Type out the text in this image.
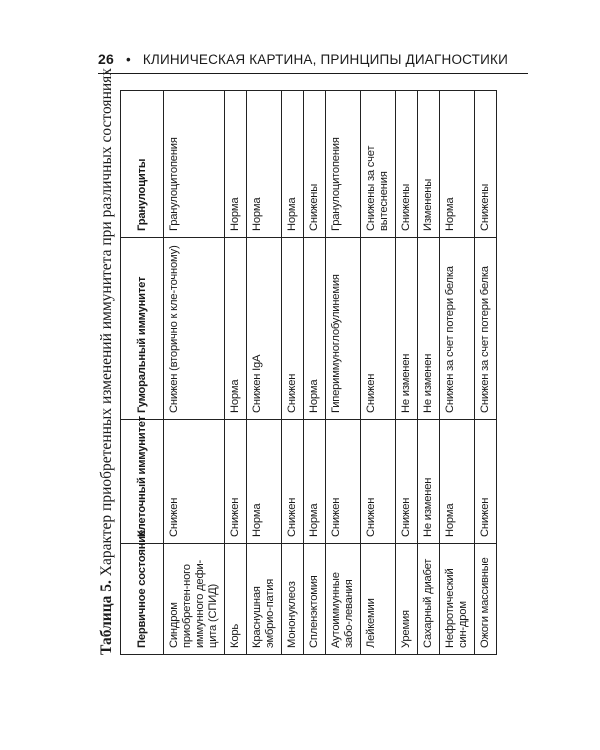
26 • КЛИНИЧЕСКАЯ КАРТИНА, ПРИНЦИПЫ ДИАГНОСТИКИ
Таблица 5. Характер приобретенных изменений иммунитета при различных состояниях
Первичное состояние	Клеточный иммунитет	Гуморальный иммунитет	Гранулоциты
Синдром приобретен-ного иммунного дефи-цита (СПИД)	Снижен	Снижен (вторично к кле-точному)	Гранулоцитопения
Корь	Снижен	Норма	Норма
Краснушная эмбрио-патия	Норма	Снижен IgA	Норма
Мононуклеоз	Снижен	Снижен	Норма
Спленэктомия	Норма	Норма	Снижены
Аутоиммунные забо-левания	Снижен	Гипериммуноглобулинемия	Гранулоцитопения
Лейкемии	Снижен	Снижен	Снижены за счет вытеснения
Уремия	Снижен	Не изменен	Снижены
Сахарный диабет	Не изменен	Не изменен	Изменены
Нефротический син-дром	Норма	Снижен за счет потери белка	Норма
Ожоги массивные	Снижен	Снижен за счет потери белка	Снижены
